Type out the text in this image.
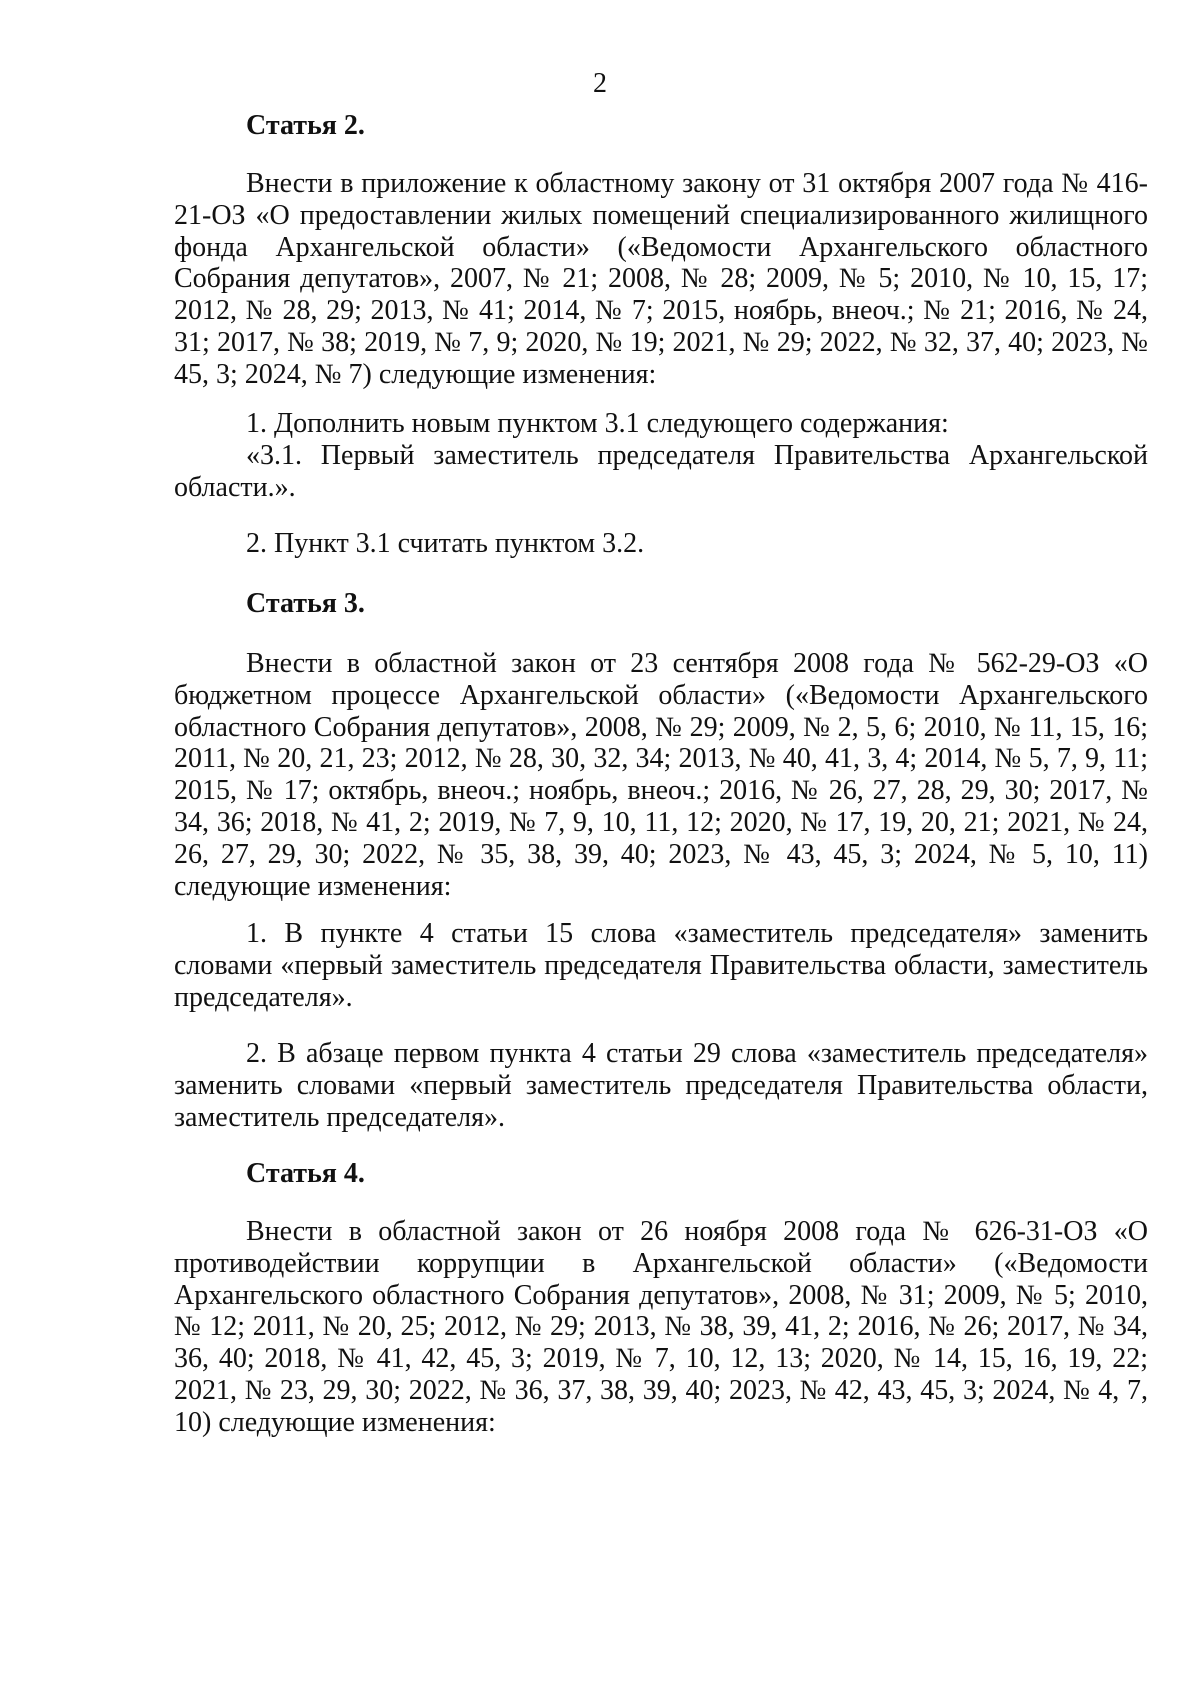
2
Статья 2.

Внести в приложение к областному закону от 31 октября 2007 года № 416-21-ОЗ «О предоставлении жилых помещений специализированного жилищного фонда Архангельской области» («Ведомости Архангельского областного Собрания депутатов», 2007, № 21; 2008, № 28; 2009, № 5; 2010, № 10, 15, 17; 2012, № 28, 29; 2013, № 41; 2014, № 7; 2015, ноябрь, внеоч.; № 21; 2016, № 24, 31; 2017, № 38; 2019, № 7, 9; 2020, № 19; 2021, № 29; 2022, № 32, 37, 40; 2023, № 45, 3; 2024, № 7) следующие изменения:

1. Дополнить новым пунктом 3.1 следующего содержания:

«3.1. Первый заместитель председателя Правительства Архангельской области.».

2. Пункт 3.1 считать пунктом 3.2.

Статья 3.

Внести в областной закон от 23 сентября 2008 года № 562-29-ОЗ «О бюджетном процессе Архангельской области» («Ведомости Архангельского областного Собрания депутатов», 2008, № 29; 2009, № 2, 5, 6; 2010, № 11, 15, 16; 2011, № 20, 21, 23; 2012, № 28, 30, 32, 34; 2013, № 40, 41, 3, 4; 2014, № 5, 7, 9, 11; 2015, № 17; октябрь, внеоч.; ноябрь, внеоч.; 2016, № 26, 27, 28, 29, 30; 2017, № 34, 36; 2018, № 41, 2; 2019, № 7, 9, 10, 11, 12; 2020, № 17, 19, 20, 21; 2021, № 24, 26, 27, 29, 30; 2022, № 35, 38, 39, 40; 2023, № 43, 45, 3; 2024, № 5, 10, 11) следующие изменения:

1. В пункте 4 статьи 15 слова «заместитель председателя» заменить словами «первый заместитель председателя Правительства области, заместитель председателя».

2. В абзаце первом пункта 4 статьи 29 слова «заместитель председателя» заменить словами «первый заместитель председателя Правительства области, заместитель председателя».

Статья 4.

Внести в областной закон от 26 ноября 2008 года № 626-31-ОЗ «О противодействии коррупции в Архангельской области» («Ведомости Архангельского областного Собрания депутатов», 2008, № 31; 2009, № 5; 2010, № 12; 2011, № 20, 25; 2012, № 29; 2013, № 38, 39, 41, 2; 2016, № 26; 2017, № 34, 36, 40; 2018, № 41, 42, 45, 3; 2019, № 7, 10, 12, 13; 2020, № 14, 15, 16, 19, 22; 2021, № 23, 29, 30; 2022, № 36, 37, 38, 39, 40; 2023, № 42, 43, 45, 3; 2024, № 4, 7, 10) следующие изменения:
